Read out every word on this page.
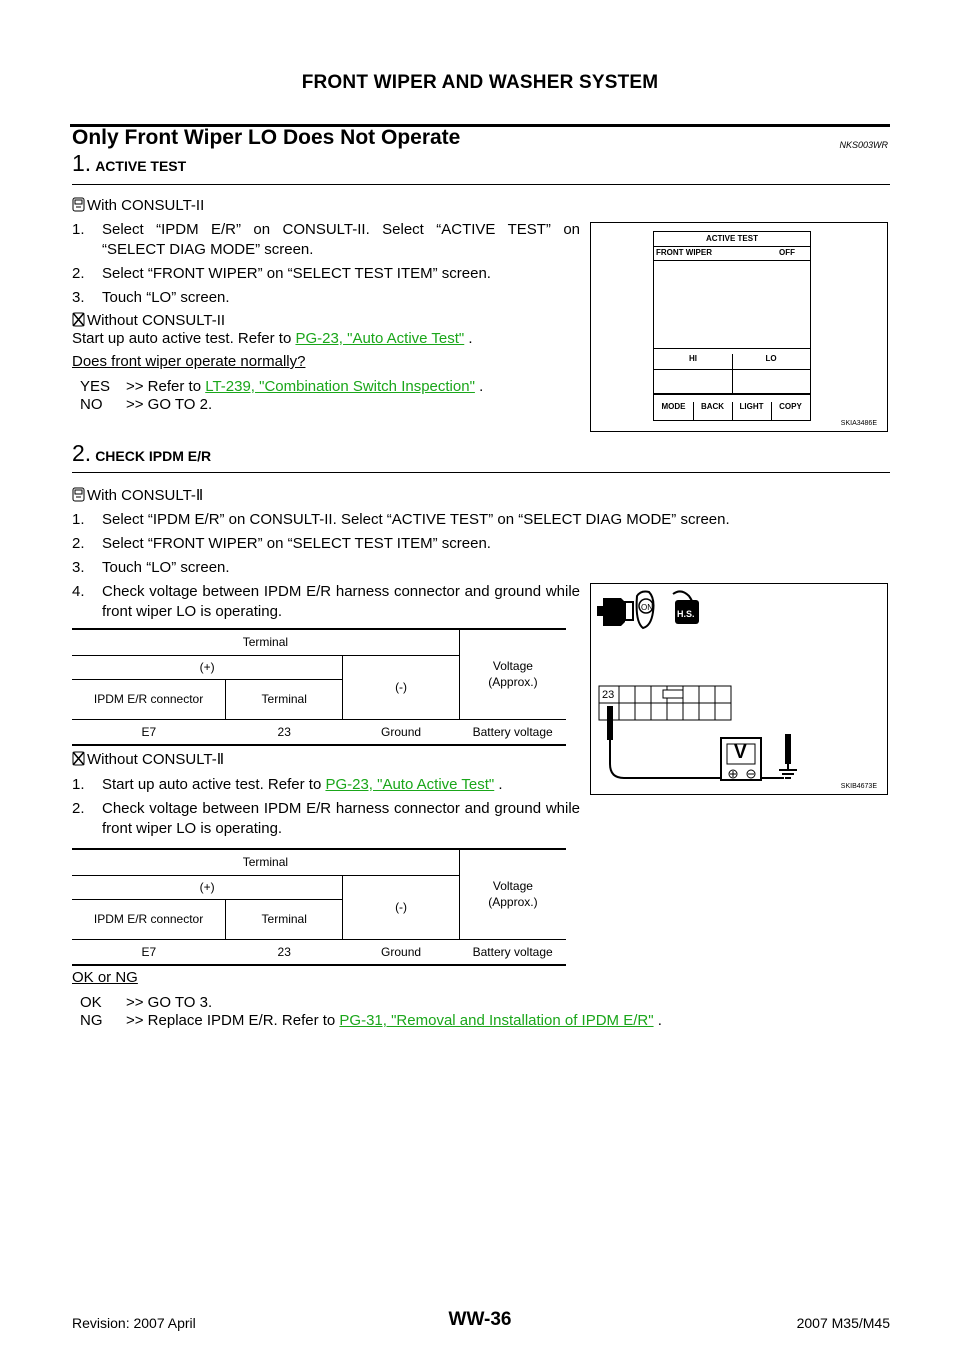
FRONT WIPER AND WASHER SYSTEM
Only Front Wiper LO Does Not Operate	NKS003WR
1. ACTIVE TEST
With CONSULT-II
1. Select “IPDM E/R” on CONSULT-II. Select “ACTIVE TEST” on “SELECT DIAG MODE” screen.
2. Select “FRONT WIPER” on “SELECT TEST ITEM” screen.
3. Touch “LO” screen.
Without CONSULT-II
Start up auto active test. Refer to PG-23, "Auto Active Test" .
Does front wiper operate normally?
YES >> Refer to LT-239, "Combination Switch Inspection" .
NO >> GO TO 2.
ACTIVE TEST
FRONT WIPER	OFF
HI	LO
MODE	BACK	LIGHT	COPY
SKIA3486E
2. CHECK IPDM E/R
With CONSULT-Ⅱ
1. Select “IPDM E/R” on CONSULT-II. Select “ACTIVE TEST” on “SELECT DIAG MODE” screen.
2. Select “FRONT WIPER” on “SELECT TEST ITEM” screen.
3. Touch “LO” screen.
4. Check voltage between IPDM E/R harness connector and ground while front wiper LO is operating.
Terminal			Voltage
(Approx.)
(+)		(-)	
IPDM E/R connector	Terminal		
E7	23	Ground	Battery voltage
ON
H.S.
23
V
SKIB4673E
Without CONSULT-Ⅱ
1. Start up auto active test. Refer to PG-23, "Auto Active Test" .
2. Check voltage between IPDM E/R harness connector and ground while front wiper LO is operating.
Terminal			Voltage
(Approx.)
(+)		(-)	
IPDM E/R connector	Terminal		
E7	23	Ground	Battery voltage
OK or NG
OK >> GO TO 3.
NG >> Replace IPDM E/R. Refer to PG-31, "Removal and Installation of IPDM E/R" .
Revision: 2007 April	WW-36	2007 M35/M45
